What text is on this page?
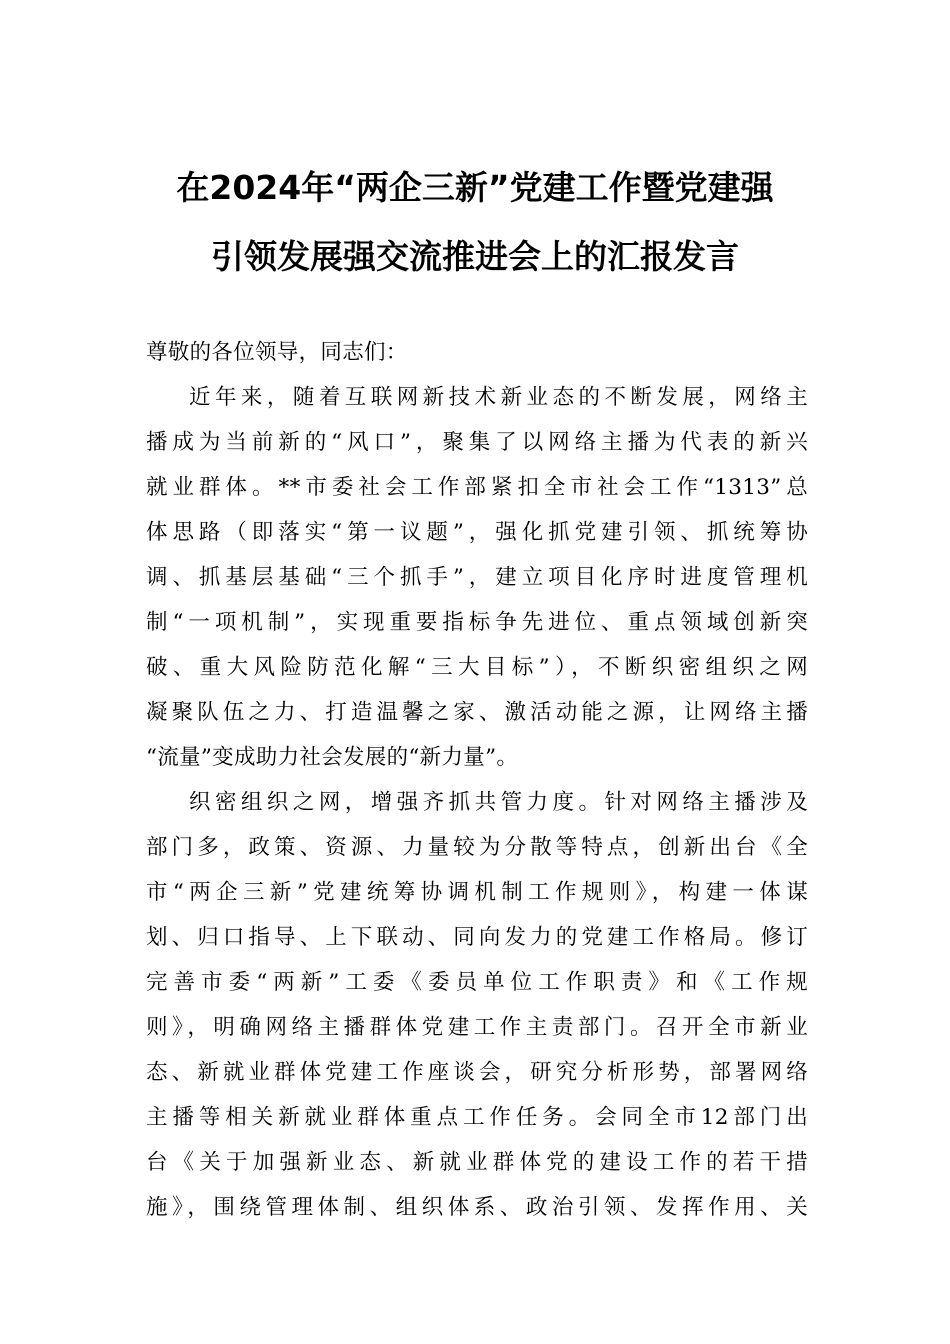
在2024年“两企三新”党建工作暨党建强
引领发展强交流推进会上的汇报发言
尊敬的各位领导，同志们：
近年来，随着互联网新技术新业态的不断发展，网络主
播成为当前新的“风口”，聚集了以网络主播为代表的新兴
就业群体。**市委社会工作部紧扣全市社会工作“1313”总
体思路（即落实“第一议题”，强化抓党建引领、抓统筹协
调、抓基层基础“三个抓手”，建立项目化序时进度管理机
制“一项机制”，实现重要指标争先进位、重点领域创新突
破、重大风险防范化解“三大目标”），不断织密组织之网
凝聚队伍之力、打造温馨之家、激活动能之源，让网络主播
“流量”变成助力社会发展的“新力量”。
织密组织之网，增强齐抓共管力度。针对网络主播涉及
部门多，政策、资源、力量较为分散等特点，创新出台《全
市“两企三新”党建统筹协调机制工作规则》，构建一体谋
划、归口指导、上下联动、同向发力的党建工作格局。修订
完善市委“两新”工委《委员单位工作职责》和《工作规
则》，明确网络主播群体党建工作主责部门。召开全市新业
态、新就业群体党建工作座谈会，研究分析形势，部署网络
主播等相关新就业群体重点工作任务。会同全市12部门出
台《关于加强新业态、新就业群体党的建设工作的若干措
施》，围绕管理体制、组织体系、政治引领、发挥作用、关
